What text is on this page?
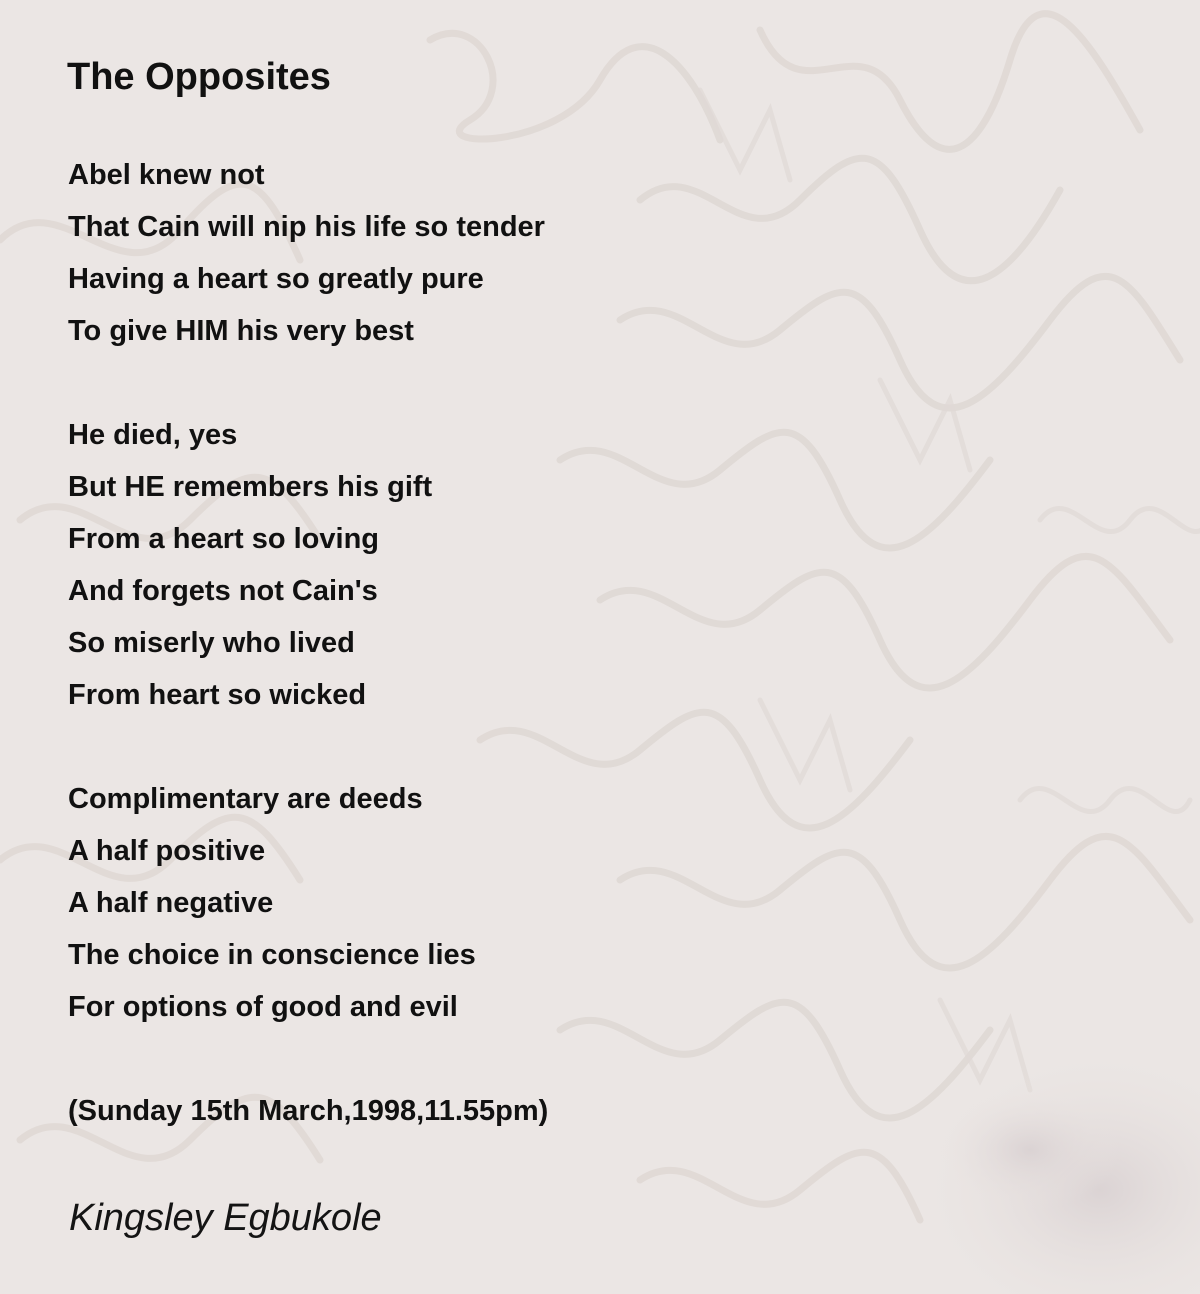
The Opposites

Abel knew not

That Cain will nip his life so tender

Having a heart so greatly pure

To give HIM his very best

He died, yes

But HE remembers his gift

From a heart so loving

And forgets not Cain's

So miserly who lived

From heart so wicked

Complimentary are deeds

A half positive

A half negative

The choice in conscience lies

For options of good and evil

(Sunday 15th March,1998,11.55pm)

Kingsley Egbukole
